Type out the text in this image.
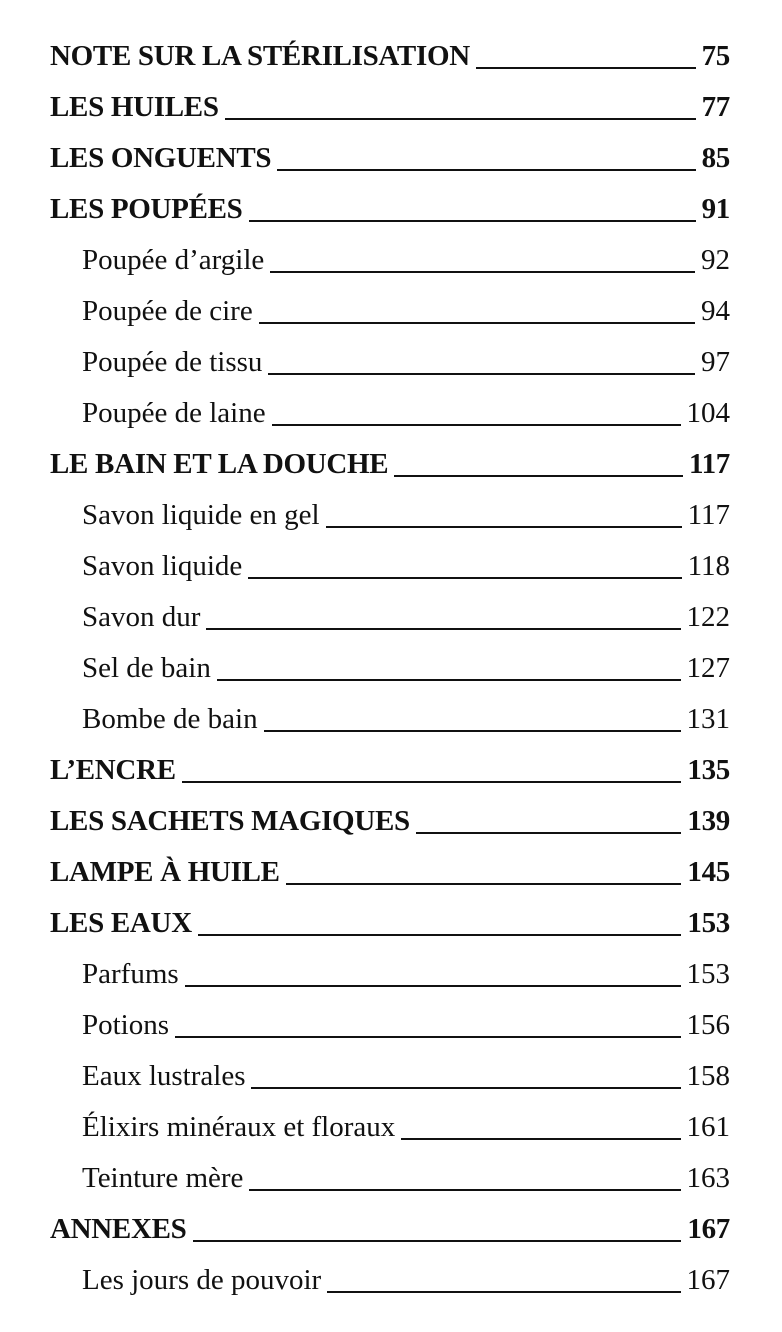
NOTE SUR LA STÉRILISATION	75
LES HUILES	77
LES ONGUENTS	85
LES POUPÉES	91
Poupée d’argile	92
Poupée de cire	94
Poupée de tissu	97
Poupée de laine	104
LE BAIN ET LA DOUCHE	117
Savon liquide en gel	117
Savon liquide	118
Savon dur	122
Sel de bain	127
Bombe de bain	131
L’ENCRE	135
LES SACHETS MAGIQUES	139
LAMPE À HUILE	145
LES EAUX	153
Parfums	153
Potions	156
Eaux lustrales	158
Élixirs minéraux et floraux	161
Teinture mère	163
ANNEXES	167
Les jours de pouvoir	167
